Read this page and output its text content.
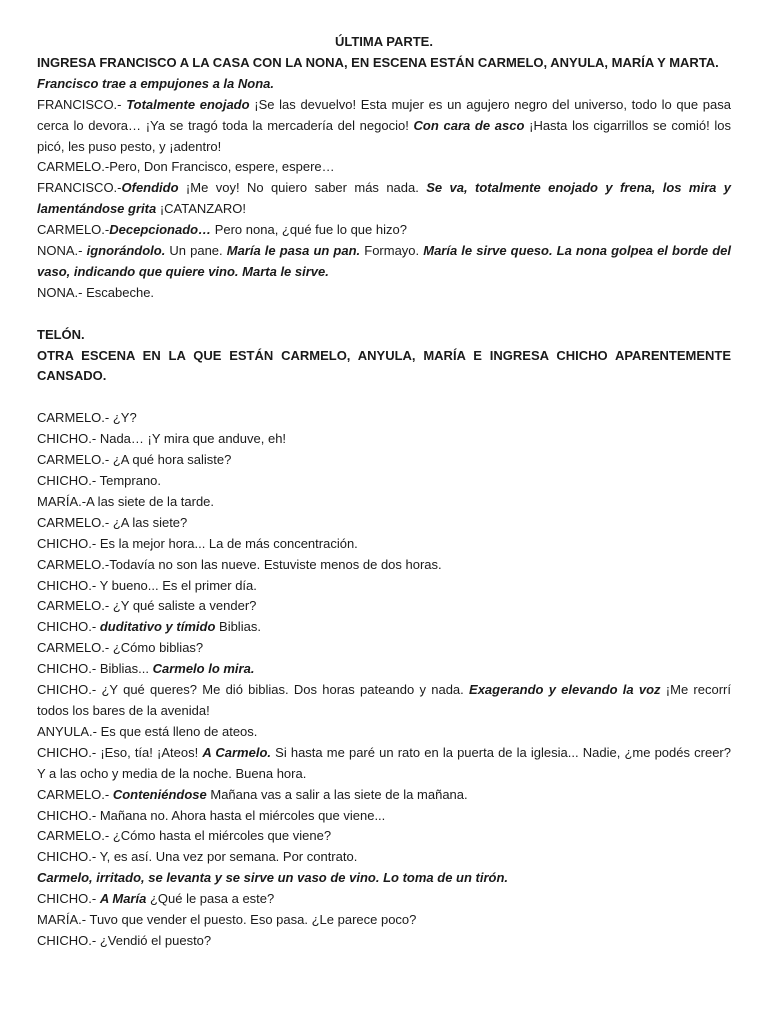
ÚLTIMA PARTE.
INGRESA FRANCISCO A LA CASA CON LA NONA, EN ESCENA ESTÁN CARMELO, ANYULA, MARÍA Y MARTA.
Francisco trae a empujones a la Nona.
FRANCISCO.- Totalmente enojado ¡Se las devuelvo! Esta mujer es un agujero negro del universo, todo lo que pasa cerca lo devora… ¡Ya se tragó toda la mercadería del negocio! Con cara de asco ¡Hasta los cigarrillos se comió! los picó, les puso pesto, y ¡adentro!
CARMELO.-Pero, Don Francisco, espere, espere…
FRANCISCO.-Ofendido ¡Me voy! No quiero saber más nada. Se va, totalmente enojado y frena, los mira y lamentándose grita ¡CATANZARO!
CARMELO.-Decepcionado… Pero nona, ¿qué fue lo que hizo?
NONA.- ignorándolo. Un pane. María le pasa un pan. Formayo. María le sirve queso. La nona golpea el borde del vaso, indicando que quiere vino. Marta le sirve.
NONA.- Escabeche.
TELÓN.
OTRA ESCENA EN LA QUE ESTÁN CARMELO, ANYULA, MARÍA E INGRESA CHICHO APARENTEMENTE CANSADO.
CARMELO.- ¿Y?
CHICHO.- Nada… ¡Y mira que anduve, eh!
CARMELO.- ¿A qué hora saliste?
CHICHO.- Temprano.
MARÍA.-A las siete de la tarde.
CARMELO.- ¿A las siete?
CHICHO.- Es la mejor hora... La de más concentración.
CARMELO.-Todavía no son las nueve. Estuviste menos de dos horas.
CHICHO.- Y bueno... Es el primer día.
CARMELO.- ¿Y qué saliste a vender?
CHICHO.- duditativo y tímido Biblias.
CARMELO.- ¿Cómo biblias?
CHICHO.- Biblias... Carmelo lo mira.
CHICHO.- ¿Y qué queres? Me dió biblias. Dos horas pateando y nada. Exagerando y elevando la voz ¡Me recorrí todos los bares de la avenida!
ANYULA.- Es que está lleno de ateos.
CHICHO.- ¡Eso, tía! ¡Ateos! A Carmelo. Si hasta me paré un rato en la puerta de la iglesia... Nadie, ¿me podés creer? Y a las ocho y media de la noche. Buena hora.
CARMELO.- Conteniéndose Mañana vas a salir a las siete de la mañana.
CHICHO.- Mañana no. Ahora hasta el miércoles que viene...
CARMELO.- ¿Cómo hasta el miércoles que viene?
CHICHO.- Y, es así. Una vez por semana. Por contrato.
Carmelo, irritado, se levanta y se sirve un vaso de vino. Lo toma de un tirón.
CHICHO.- A María ¿Qué le pasa a este?
MARÍA.- Tuvo que vender el puesto. Eso pasa. ¿Le parece poco?
CHICHO.- ¿Vendió el puesto?
